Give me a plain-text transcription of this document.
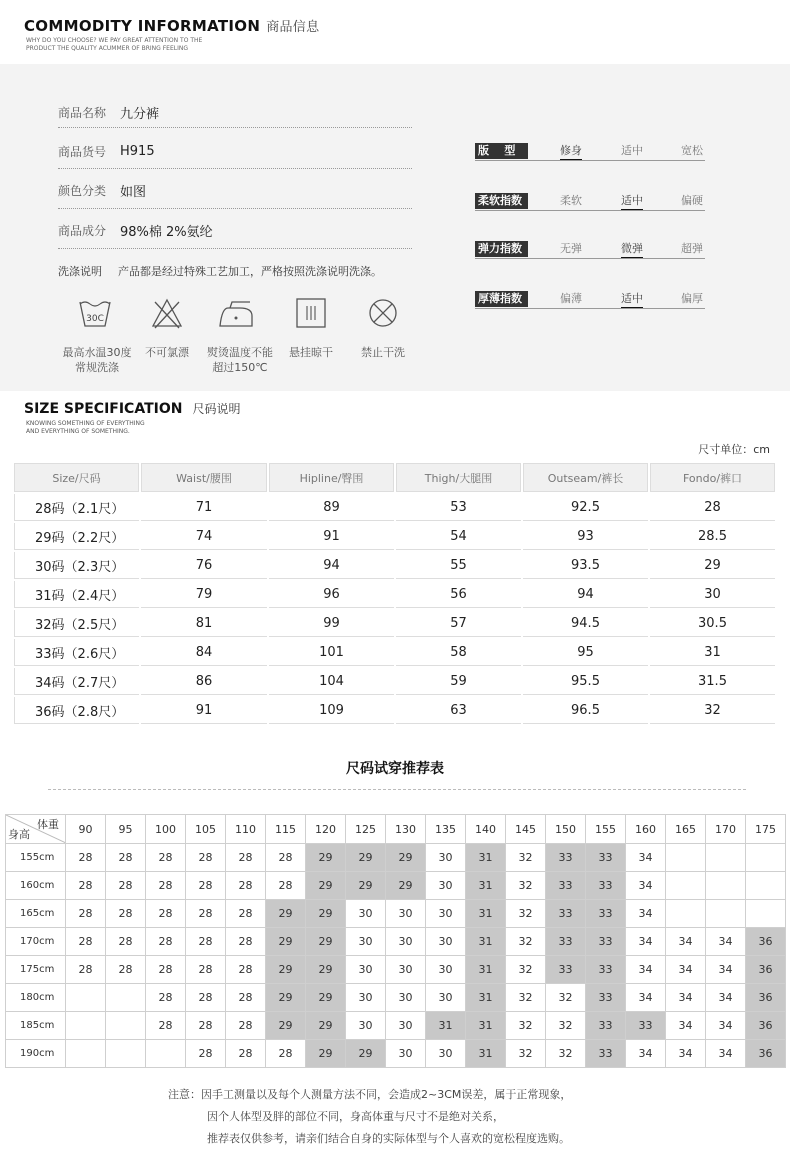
COMMODITY INFORMATION 商品信息
WHY DO YOU CHOOSE? WE PAY GREAT ATTENTION TO THE
PRODUCT THE QUALITY ACUMMER OF BRING FEELING
商品名称	九分裤
商品货号	H915
颜色分类	如图
商品成分	98%棉 2%氨纶
洗涤说明 产品都是经过特殊工艺加工，严格按照洗涤说明洗涤。
30C
最高水温30度
常规洗涤
不可氯漂	熨烫温度不能
超过150℃
悬挂晾干	禁止干洗
版    型	修身	适中	宽松
柔软指数	柔软	适中	偏硬
弹力指数	无弹	微弹	超弹
厚薄指数	偏薄	适中	偏厚
SIZE SPECIFICATION 尺码说明
KNOWING SOMETHING OF EVERYTHING
AND EVERYTHING OF SOMETHING.
尺寸单位：cm
Size/尺码	Waist/腰围	Hipline/臀围	Thigh/大腿围	Outseam/裤长	Fondo/裤口
28码（2.1尺）	71	89	53	92.5	28
29码（2.2尺）	74	91	54	93	28.5
30码（2.3尺）	76	94	55	93.5	29
31码（2.4尺）	79	96	56	94	30
32码（2.5尺）	81	99	57	94.5	30.5
33码（2.6尺）	84	101	58	95	31
34码（2.7尺）	86	104	59	95.5	31.5
36码（2.8尺）	91	109	63	96.5	32
尺码试穿推荐表
体重
身高	90	95	100	105	110	115	120	125	130	135	140	145	150	155	160	165	170	175
155cm	28	28	28	28	28	28	29	29	29	30	31	32	33	33	34			
160cm	28	28	28	28	28	28	29	29	29	30	31	32	33	33	34			
165cm	28	28	28	28	28	29	29	30	30	30	31	32	33	33	34			
170cm	28	28	28	28	28	29	29	30	30	30	31	32	33	33	34	34	34	36
175cm	28	28	28	28	28	29	29	30	30	30	31	32	33	33	34	34	34	36
180cm			28	28	28	29	29	30	30	30	31	32	32	33	34	34	34	36
185cm			28	28	28	29	29	30	30	31	31	32	32	33	33	34	34	36
190cm				28	28	28	29	29	30	30	31	32	32	33	34	34	34	36
注意：因手工测量以及每个人测量方法不同，会造成2~3CM误差，属于正常现象，
因个人体型及胖的部位不同，身高体重与尺寸不是绝对关系，
推荐表仅供参考，请亲们结合自身的实际体型与个人喜欢的宽松程度选购。
